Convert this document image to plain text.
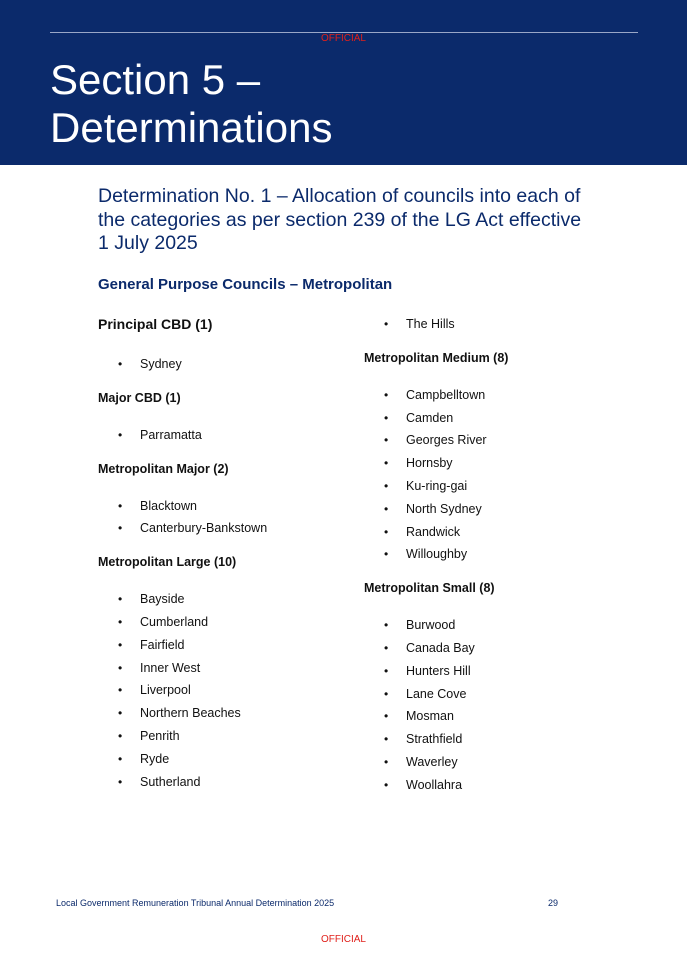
OFFICIAL
Section 5 –
Determinations
Determination No. 1 – Allocation of councils into each of the categories as per section 239 of the LG Act effective 1 July 2025
General Purpose Councils – Metropolitan

Principal CBD (1)

• Sydney

Major CBD (1)

• Parramatta

Metropolitan Major (2)

• Blacktown
• Canterbury-Bankstown

Metropolitan Large (10)

• Bayside
• Cumberland
• Fairfield
• Inner West
• Liverpool
• Northern Beaches
• Penrith
• Ryde
• Sutherland
• The Hills

Metropolitan Medium (8)

• Campbelltown
• Camden
• Georges River
• Hornsby
• Ku-ring-gai
• North Sydney
• Randwick
• Willoughby

Metropolitan Small (8)

• Burwood
• Canada Bay
• Hunters Hill
• Lane Cove
• Mosman
• Strathfield
• Waverley
• Woollahra
Local Government Remuneration Tribunal Annual Determination 2025	29
OFFICIAL
